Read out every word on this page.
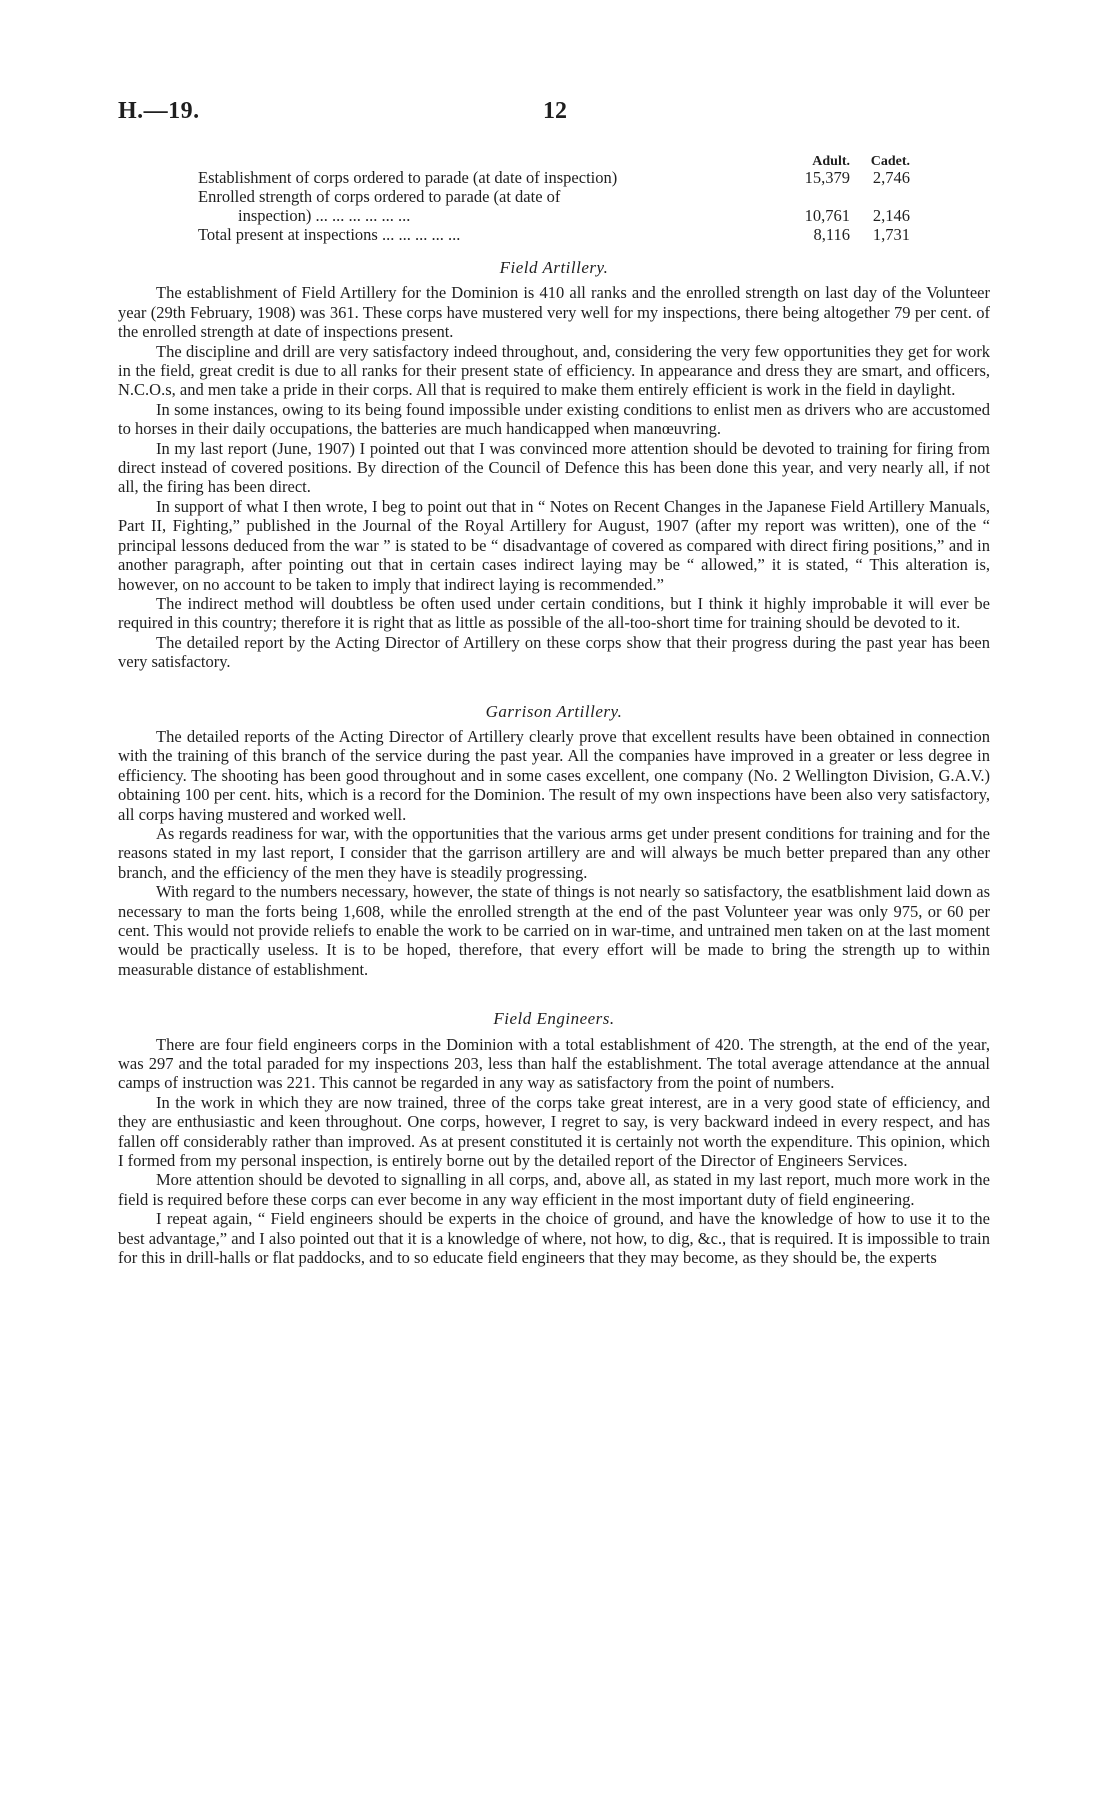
H.—19.	12
Adult.	Cadet.
Establishment of corps ordered to parade (at date of inspection)	15,379	2,746
Enrolled strength of corps ordered to parade (at date of
inspection) ... ... ... ... ... ...	10,761	2,146
Total present at inspections ... ... ... ... ...	8,116	1,731
Field Artillery.

The establishment of Field Artillery for the Dominion is 410 all ranks and the enrolled strength on last day of the Volunteer year (29th February, 1908) was 361. These corps have mustered very well for my inspections, there being altogether 79 per cent. of the enrolled strength at date of inspections present.

The discipline and drill are very satisfactory indeed throughout, and, considering the very few opportunities they get for work in the field, great credit is due to all ranks for their present state of efficiency. In appearance and dress they are smart, and officers, N.C.O.s, and men take a pride in their corps. All that is required to make them entirely efficient is work in the field in daylight.

In some instances, owing to its being found impossible under existing conditions to enlist men as drivers who are accustomed to horses in their daily occupations, the batteries are much handicapped when manœuvring.

In my last report (June, 1907) I pointed out that I was convinced more attention should be devoted to training for firing from direct instead of covered positions. By direction of the Council of Defence this has been done this year, and very nearly all, if not all, the firing has been direct.

In support of what I then wrote, I beg to point out that in “ Notes on Recent Changes in the Japanese Field Artillery Manuals, Part II, Fighting,” published in the Journal of the Royal Artillery for August, 1907 (after my report was written), one of the “ principal lessons deduced from the war ” is stated to be “ disadvantage of covered as compared with direct firing positions,” and in another paragraph, after pointing out that in certain cases indirect laying may be “ allowed,” it is stated, “ This alteration is, however, on no account to be taken to imply that indirect laying is recommended.”

The indirect method will doubtless be often used under certain conditions, but I think it highly improbable it will ever be required in this country; therefore it is right that as little as possible of the all-too-short time for training should be devoted to it.

The detailed report by the Acting Director of Artillery on these corps show that their progress during the past year has been very satisfactory.

Garrison Artillery.

The detailed reports of the Acting Director of Artillery clearly prove that excellent results have been obtained in connection with the training of this branch of the service during the past year. All the companies have improved in a greater or less degree in efficiency. The shooting has been good throughout and in some cases excellent, one company (No. 2 Wellington Division, G.A.V.) obtaining 100 per cent. hits, which is a record for the Dominion. The result of my own inspections have been also very satisfactory, all corps having mustered and worked well.

As regards readiness for war, with the opportunities that the various arms get under present conditions for training and for the reasons stated in my last report, I consider that the garrison artillery are and will always be much better prepared than any other branch, and the efficiency of the men they have is steadily progressing.

With regard to the numbers necessary, however, the state of things is not nearly so satisfactory, the esatblishment laid down as necessary to man the forts being 1,608, while the enrolled strength at the end of the past Volunteer year was only 975, or 60 per cent. This would not provide reliefs to enable the work to be carried on in war-time, and untrained men taken on at the last moment would be practically useless. It is to be hoped, therefore, that every effort will be made to bring the strength up to within measurable distance of establishment.

Field Engineers.

There are four field engineers corps in the Dominion with a total establishment of 420. The strength, at the end of the year, was 297 and the total paraded for my inspections 203, less than half the establishment. The total average attendance at the annual camps of instruction was 221. This cannot be regarded in any way as satisfactory from the point of numbers.

In the work in which they are now trained, three of the corps take great interest, are in a very good state of efficiency, and they are enthusiastic and keen throughout. One corps, however, I regret to say, is very backward indeed in every respect, and has fallen off considerably rather than improved. As at present constituted it is certainly not worth the expenditure. This opinion, which I formed from my personal inspection, is entirely borne out by the detailed report of the Director of Engineers Services.

More attention should be devoted to signalling in all corps, and, above all, as stated in my last report, much more work in the field is required before these corps can ever become in any way efficient in the most important duty of field engineering.

I repeat again, “ Field engineers should be experts in the choice of ground, and have the knowledge of how to use it to the best advantage,” and I also pointed out that it is a knowledge of where, not how, to dig, &c., that is required. It is impossible to train for this in drill-halls or flat paddocks, and to so educate field engineers that they may become, as they should be, the experts
